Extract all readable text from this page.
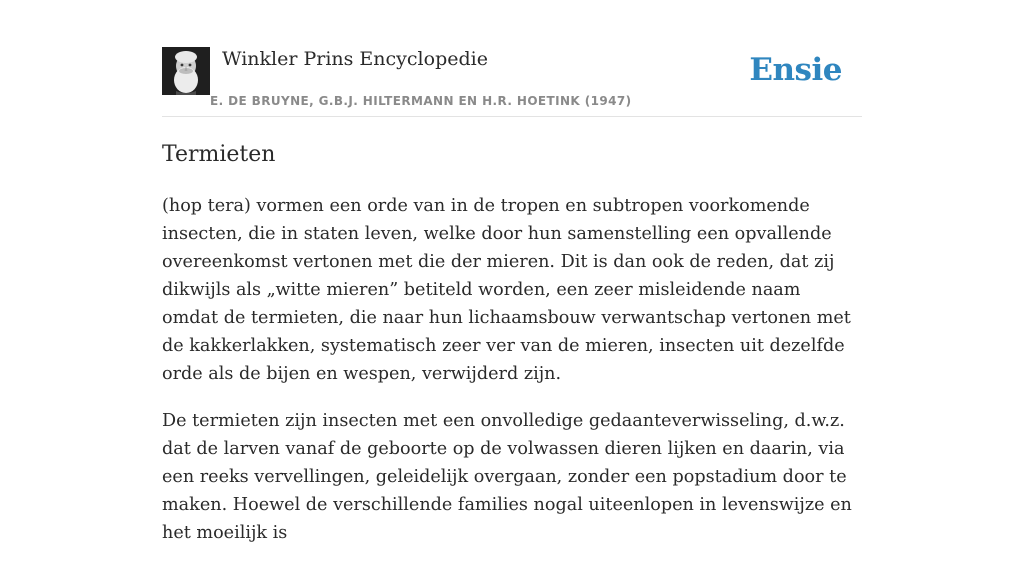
Winkler Prins Encyclopedie
E. DE BRUYNE, G.B.J. HILTERMANN EN H.R. HOETINK (1947)
Ensie
Termieten

(hop tera) vormen een orde van in de tropen en subtropen voorkomende insecten, die in staten leven, welke door hun samenstelling een opvallende overeenkomst vertonen met die der mieren. Dit is dan ook de reden, dat zij dikwijls als „witte mieren” betiteld worden, een zeer misleidende naam omdat de termieten, die naar hun lichaamsbouw verwantschap vertonen met de kakkerlakken, systematisch zeer ver van de mieren, insecten uit dezelfde orde als de bijen en wespen, verwijderd zijn.

De termieten zijn insecten met een onvolledige gedaanteverwisseling, d.w.z. dat de larven vanaf de geboorte op de volwassen dieren lijken en daarin, via een reeks vervellingen, geleidelijk overgaan, zonder een popstadium door te maken. Hoewel de verschillende families nogal uiteenlopen in levenswijze en het moeilijk is
